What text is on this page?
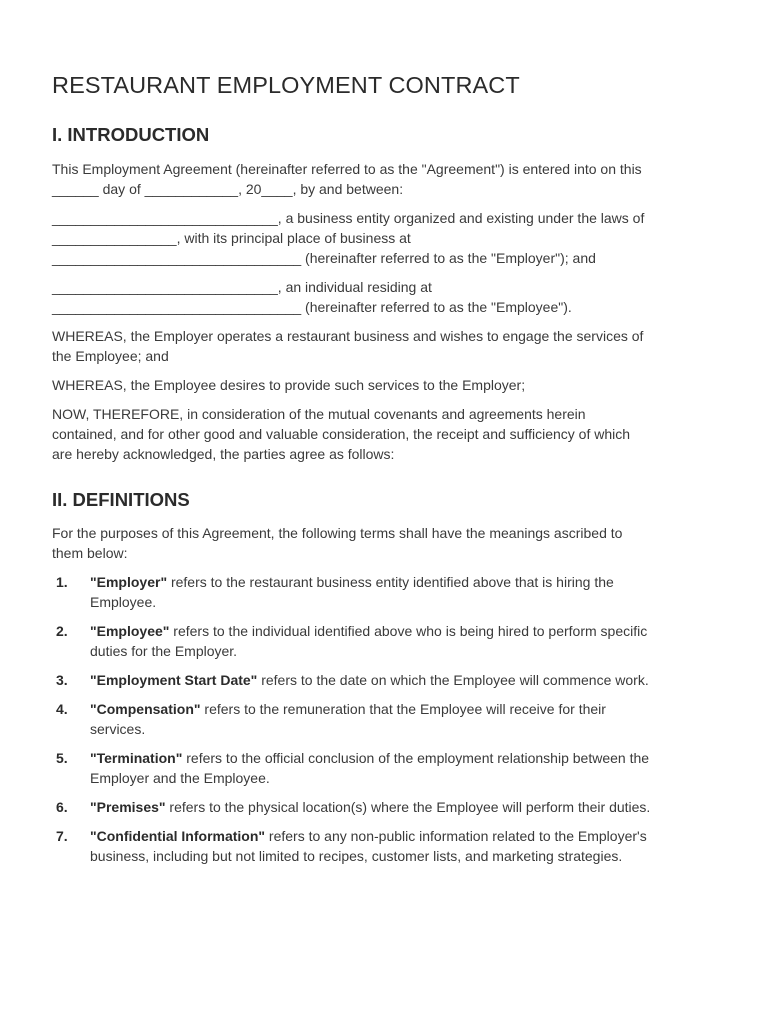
RESTAURANT EMPLOYMENT CONTRACT
I. INTRODUCTION

This Employment Agreement (hereinafter referred to as the "Agreement") is entered into on this
______ day of ____________, 20____, by and between:

_____________________________, a business entity organized and existing under the laws of
________________, with its principal place of business at
________________________________ (hereinafter referred to as the "Employer"); and

_____________________________, an individual residing at
________________________________ (hereinafter referred to as the "Employee").

WHEREAS, the Employer operates a restaurant business and wishes to engage the services of
the Employee; and

WHEREAS, the Employee desires to provide such services to the Employer;

NOW, THEREFORE, in consideration of the mutual covenants and agreements herein
contained, and for other good and valuable consideration, the receipt and sufficiency of which
are hereby acknowledged, the parties agree as follows:

II. DEFINITIONS

For the purposes of this Agreement, the following terms shall have the meanings ascribed to
them below:

1. "Employer" refers to the restaurant business entity identified above that is hiring the
Employee.
2. "Employee" refers to the individual identified above who is being hired to perform specific
duties for the Employer.
3. "Employment Start Date" refers to the date on which the Employee will commence work.
4. "Compensation" refers to the remuneration that the Employee will receive for their
services.
5. "Termination" refers to the official conclusion of the employment relationship between the
Employer and the Employee.
6. "Premises" refers to the physical location(s) where the Employee will perform their duties.
7. "Confidential Information" refers to any non-public information related to the Employer's
business, including but not limited to recipes, customer lists, and marketing strategies.
